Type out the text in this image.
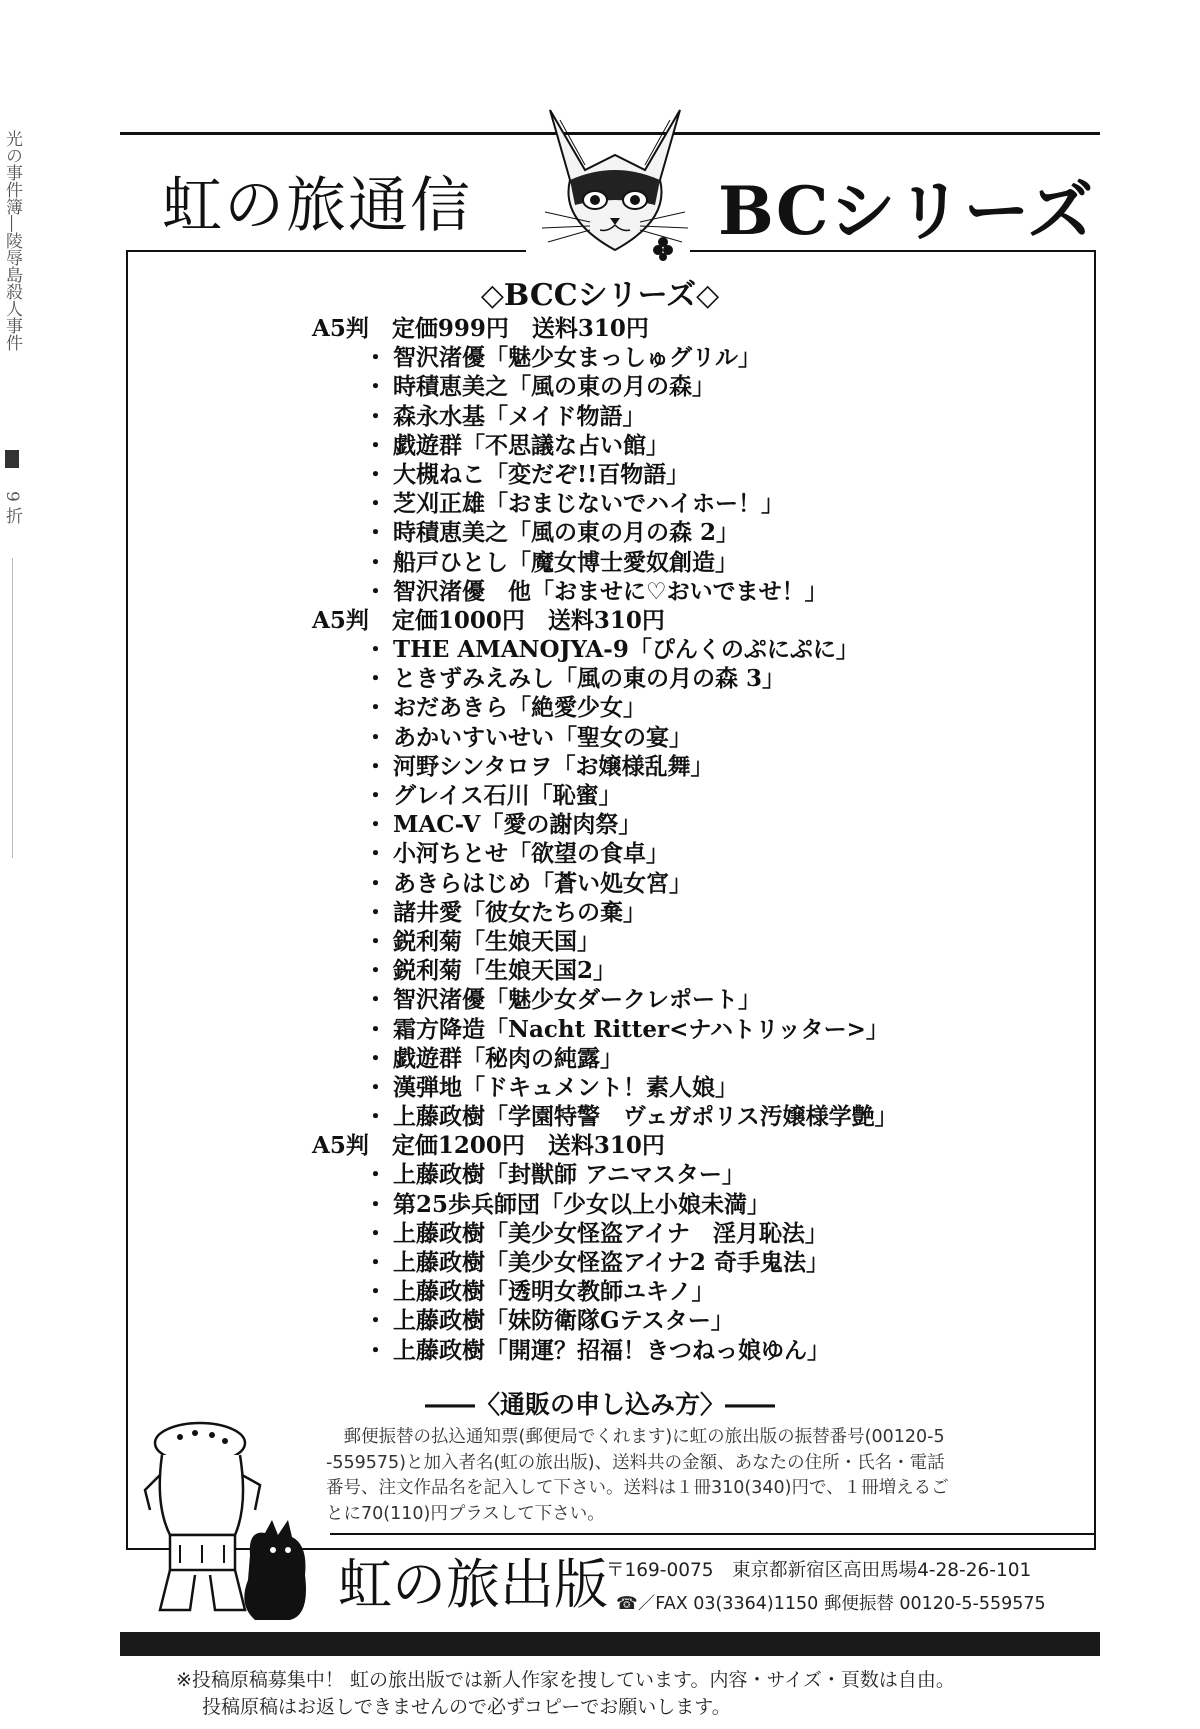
光の事件簿―陵辱島殺人事件
9 折
虹の旅通信	BCシリーズ
◇BCCシリーズ◇
A5判　定価999円　送料310円
・ 智沢渚優「魅少女まっしゅグリル」
・ 時積恵美之「風の東の月の森」
・ 森永水基「メイド物語」
・ 戯遊群「不思議な占い館」
・ 大槻ねこ「変だぞ!!百物語」
・ 芝刈正雄「おまじないでハイホー！」
・ 時積恵美之「風の東の月の森 2」
・ 船戸ひとし「魔女博士愛奴創造」
・ 智沢渚優　他「おませに♡おいでませ！」
A5判　定価1000円　送料310円
・ THE AMANOJYA-9「ぴんくのぷにぷに」
・ ときずみえみし「風の東の月の森 3」
・ おだあきら「絶愛少女」
・ あかいすいせい「聖女の宴」
・ 河野シンタロヲ「お嬢様乱舞」
・ グレイス石川「恥蜜」
・ MAC-V「愛の謝肉祭」
・ 小河ちとせ「欲望の食卓」
・ あきらはじめ「蒼い処女宮」
・ 諸井愛「彼女たちの棄」
・ 鋭利菊「生娘天国」
・ 鋭利菊「生娘天国2」
・ 智沢渚優「魅少女ダークレポート」
・ 霜方降造「Nacht Ritter<ナハトリッター>」
・ 戯遊群「秘肉の純露」
・ 漢弾地「ドキュメント！素人娘」
・ 上藤政樹「学園特警　ヴェガポリス汚嬢様学艶」
A5判　定価1200円　送料310円
・ 上藤政樹「封獣師 アニマスター」
・ 第25歩兵師団「少女以上小娘未満」
・ 上藤政樹「美少女怪盗アイナ　淫月恥法」
・ 上藤政樹「美少女怪盗アイナ2 奇手鬼法」
・ 上藤政樹「透明女教師ユキノ」
・ 上藤政樹「妹防衛隊Gテスター」
・ 上藤政樹「開運？招福！きつねっ娘ゆん」
――〈通販の申し込み方〉――
　郵便振替の払込通知票(郵便局でくれます)に虹の旅出版の振替番号(00120-5
-559575)と加入者名(虹の旅出版)、送料共の金額、あなたの住所・氏名・電話
番号、注文作品名を記入して下さい。送料は１冊310(340)円で、１冊増えるご
とに70(110)円プラスして下さい。
虹の旅出版
〒169-0075　東京都新宿区高田馬場4-28-26-101
☎／FAX 03(3364)1150 郵便振替 00120-5-559575
※投稿原稿募集中！ 虹の旅出版では新人作家を捜しています。内容・サイズ・頁数は自由。
投稿原稿はお返しできませんので必ずコピーでお願いします。
